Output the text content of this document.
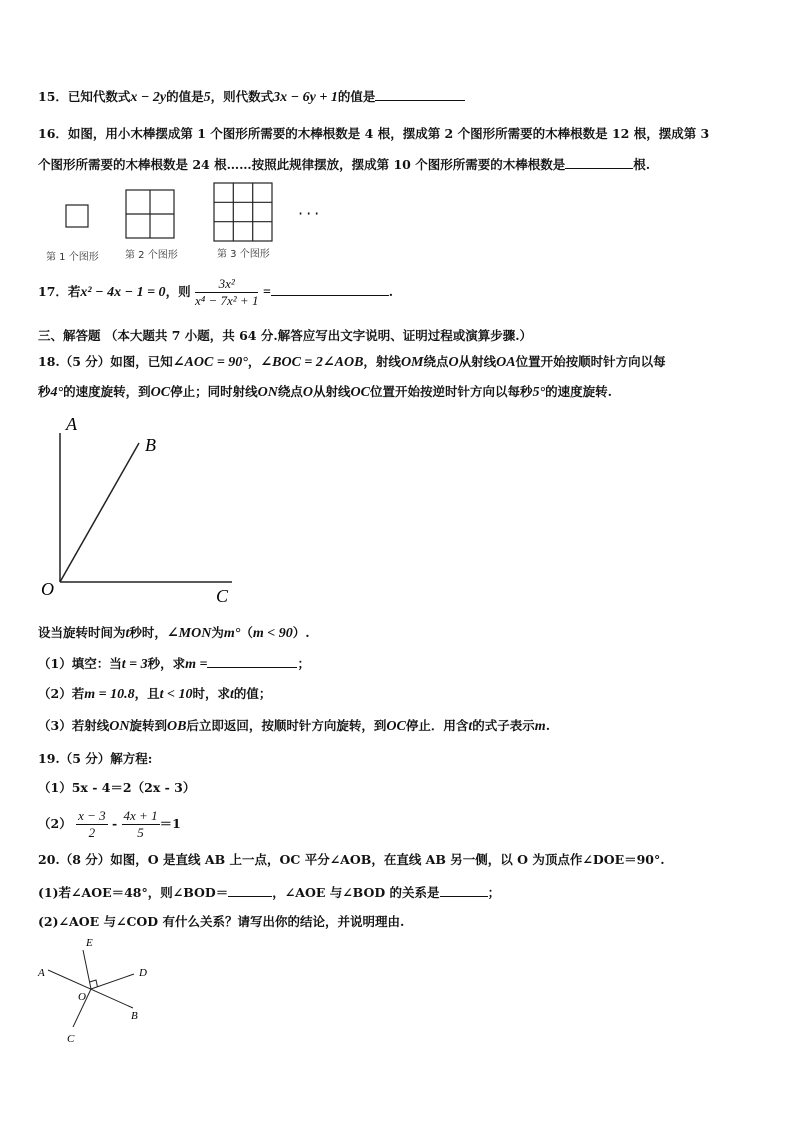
15．已知代数式x − 2y的值是5，则代数式3x − 6y + 1的值是
16．如图，用小木棒摆成第 1 个图形所需要的木棒根数是 4 根，摆成第 2 个图形所需要的木棒根数是 12 根，摆成第 3
个图形所需要的木棒根数是 24 根……按照此规律摆放，摆成第 10 个图形所需要的木棒根数是	根.
···
第 1 个图形	第 2 个图形	第 3 个图形
17．若x² − 4x − 1 = 0，则 $\frac{\text{3x²}}{\text{x⁴ − 7x² + 1}}$ =	.
三、解答题 （本大题共 7 小题，共 64 分.解答应写出文字说明、证明过程或演算步骤.）
18.（5 分）如图，已知∠AOC = 90°，∠BOC = 2∠AOB，射线OM绕点O从射线OA位置开始按顺时针方向以每
秒4°的速度旋转，到OC停止；同时射线ON绕点O从射线OC位置开始按逆时针方向以每秒5°的速度旋转.
A
B
O	C
设当旋转时间为t秒时，∠MON为m°（m < 90）.
（1）填空：当t = 3秒，求m =	；
（2）若m = 10.8，且t < 10时，求t的值；
（3）若射线ON旋转到OB后立即返回，按顺时针方向旋转，到OC停止．用含t的式子表示m.
19.（5 分）解方程:
（1）5x - 4＝2（2x - 3）
$(2) \frac{x - 3}{2} - \frac{4x + 1}{5} =1$
20.（8 分）如图，O 是直线 AB 上一点，OC 平分∠AOB，在直线 AB 另一侧，以 O 为顶点作∠DOE＝90°.
(1)若∠AOE＝48°，则∠BOD＝	，∠AOE 与∠BOD 的关系是	；
(2)∠AOE 与∠COD 有什么关系？请写出你的结论，并说明理由.
E
A	D
O
B
C
